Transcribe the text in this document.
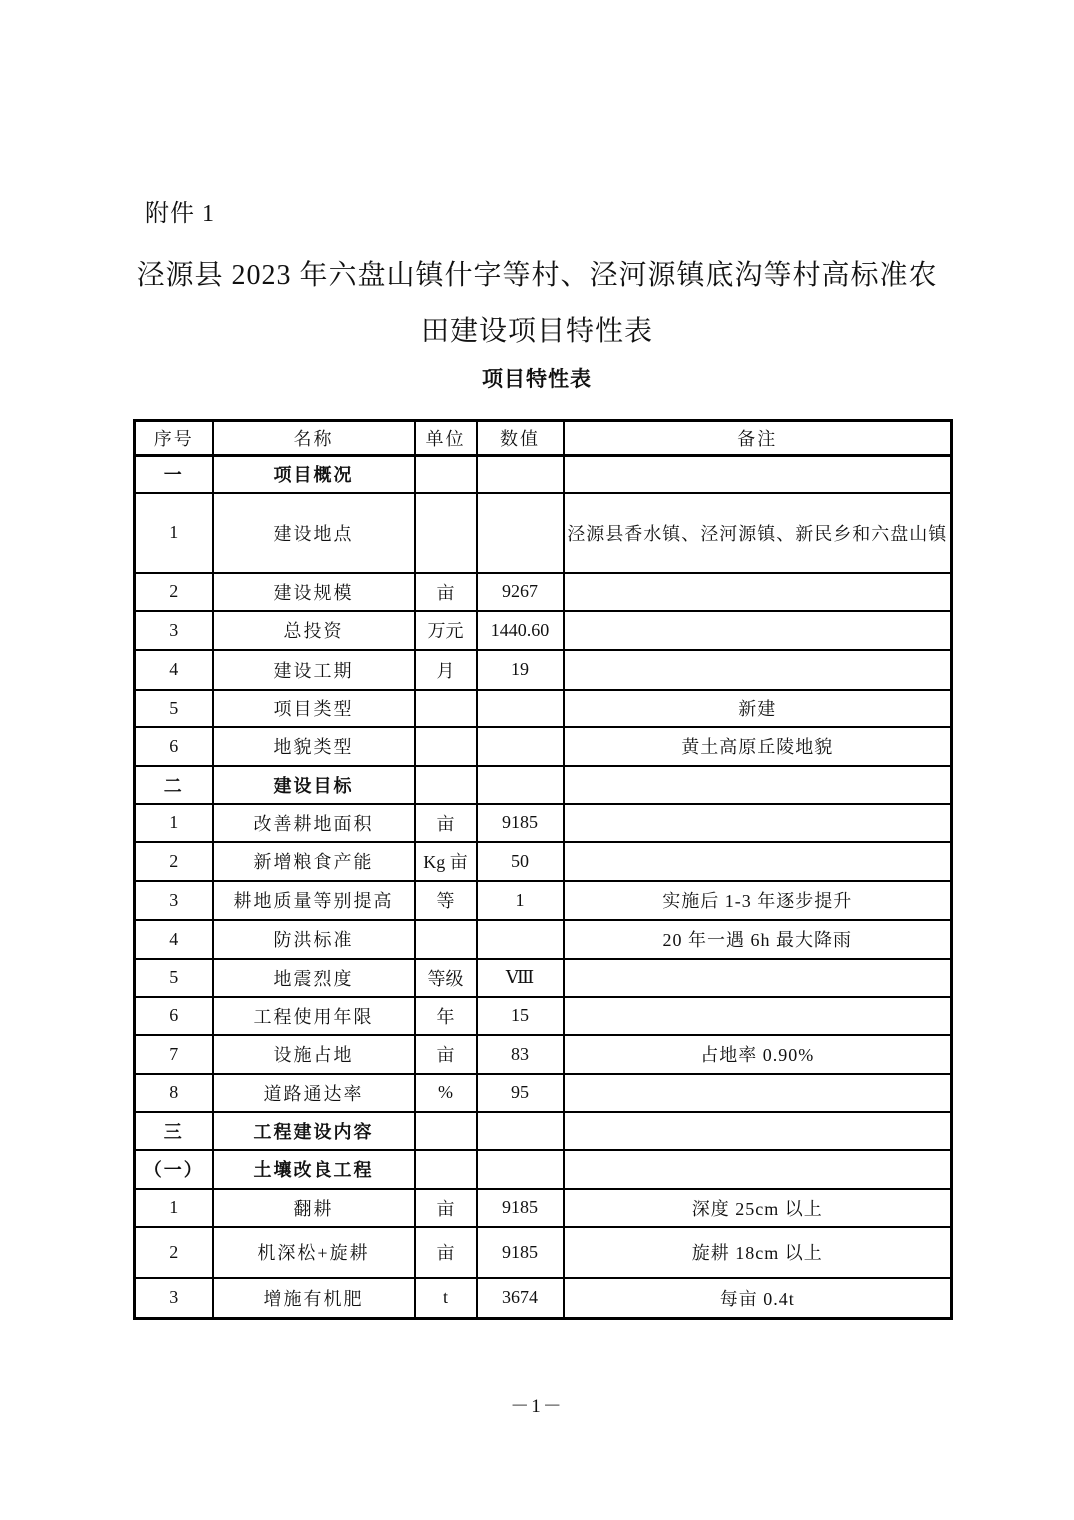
附件 1
泾源县 2023 年六盘山镇什字等村、泾河源镇底沟等村高标准农田建设项目特性表
项目特性表
序号	名称	单位	数值	备注
一	项目概况			
1	建设地点			泾源县香水镇、泾河源镇、新民乡和六盘山镇
2	建设规模	亩	9267	
3	总投资	万元	1440.60	
4	建设工期	月	19	
5	项目类型			新建
6	地貌类型			黄土高原丘陵地貌
二	建设目标			
1	改善耕地面积	亩	9185	
2	新增粮食产能	Kg 亩	50	
3	耕地质量等别提高	等	1	实施后 1-3 年逐步提升
4	防洪标准			20 年一遇 6h 最大降雨
5	地震烈度	等级	Ⅷ	
6	工程使用年限	年	15	
7	设施占地	亩	83	占地率 0.90%
8	道路通达率	%	95	
三	工程建设内容			
（一）	土壤改良工程			
1	翻耕	亩	9185	深度 25cm 以上
2	机深松+旋耕	亩	9185	旋耕 18cm 以上
3	增施有机肥	t	3674	每亩 0.4t
－1－
